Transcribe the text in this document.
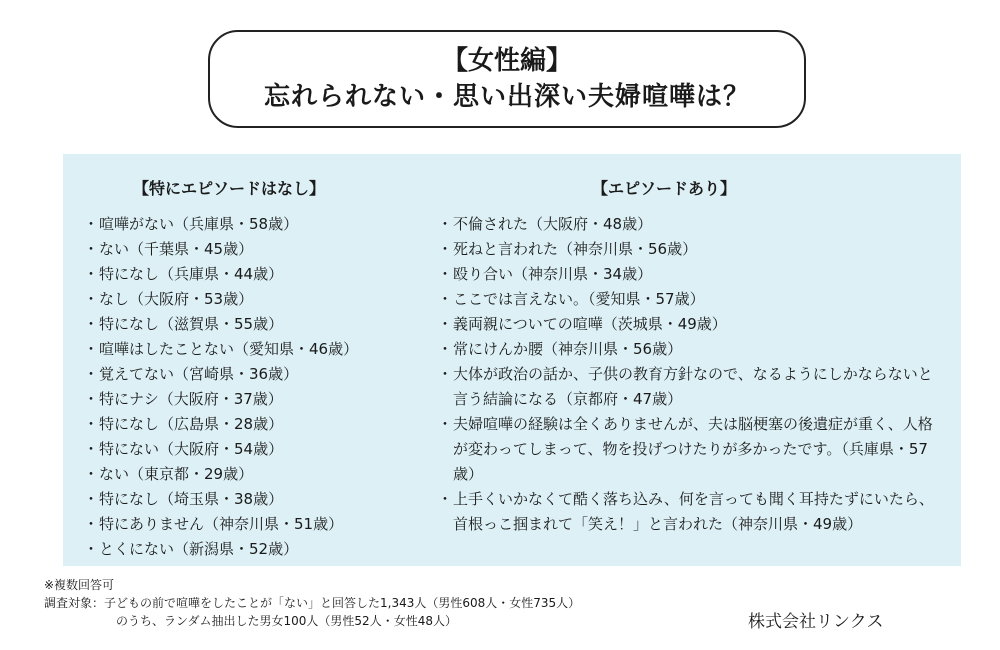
【女性編】
忘れられない・思い出深い夫婦喧嘩は？
【特にエピソードはなし】
・喧嘩がない（兵庫県・58歳）
・ない（千葉県・45歳）
・特になし（兵庫県・44歳）
・なし（大阪府・53歳）
・特になし（滋賀県・55歳）
・喧嘩はしたことない（愛知県・46歳）
・覚えてない（宮崎県・36歳）
・特にナシ（大阪府・37歳）
・特になし（広島県・28歳）
・特にない（大阪府・54歳）
・ない（東京都・29歳）
・特になし（埼玉県・38歳）
・特にありません（神奈川県・51歳）
・とくにない（新潟県・52歳）
【エピソードあり】
・不倫された（大阪府・48歳）
・死ねと言われた（神奈川県・56歳）
・殴り合い（神奈川県・34歳）
・ここでは言えない。（愛知県・57歳）
・義両親についての喧嘩（茨城県・49歳）
・常にけんか腰（神奈川県・56歳）
・大体が政治の話か、子供の教育方針なので、なるようにしかならないと言う結論になる（京都府・47歳）
・夫婦喧嘩の経験は全くありませんが、夫は脳梗塞の後遺症が重く、人格が変わってしまって、物を投げつけたりが多かったです。（兵庫県・57歳）
・上手くいかなくて酷く落ち込み、何を言っても聞く耳持たずにいたら、首根っこ掴まれて「笑え！」と言われた（神奈川県・49歳）
※複数回答可
調査対象：子どもの前で喧嘩をしたことが「ない」と回答した1,343人（男性608人・女性735人）
のうち、ランダム抽出した男女100人（男性52人・女性48人）	株式会社リンクス
